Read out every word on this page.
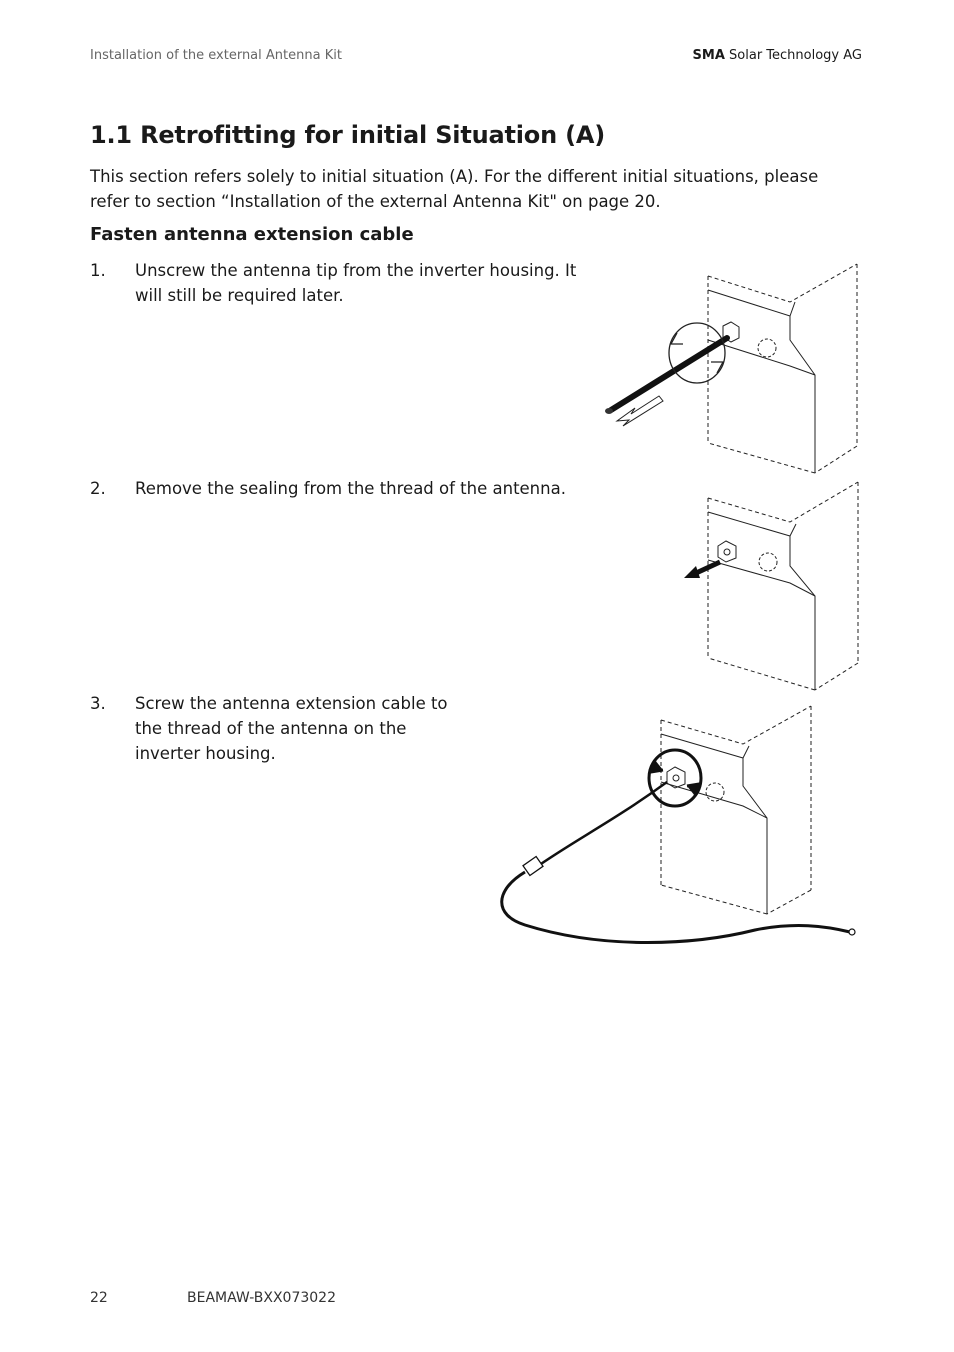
Installation of the external Antenna Kit	SMA Solar Technology AG
1.1 Retrofitting for initial Situation (A)
This section refers solely to initial situation (A). For the different initial situations, please refer to section “Installation of the external Antenna Kit" on page 20.
Fasten antenna extension cable
1.	Unscrew the antenna tip from the inverter housing. It will still be required later.
2.	Remove the sealing from the thread of the antenna.
3.	Screw the antenna extension cable to the thread of the antenna on the inverter housing.
22	BEAMAW-BXX073022
